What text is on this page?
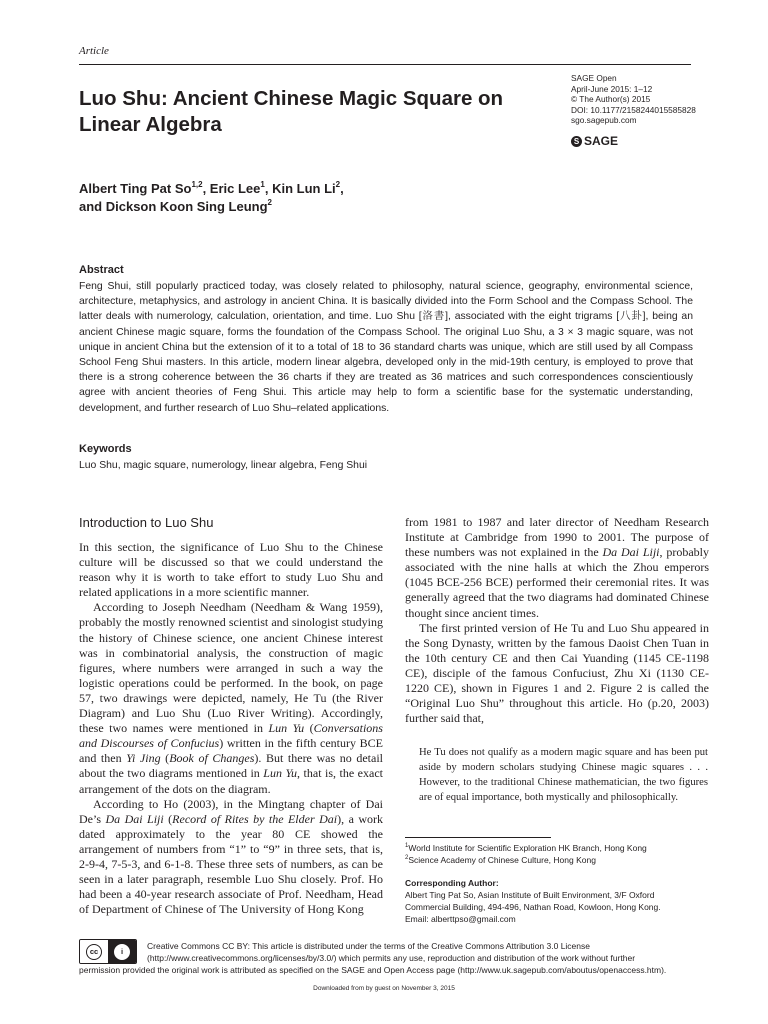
Article
Luo Shu: Ancient Chinese Magic Square on Linear Algebra
SAGE Open
April-June 2015: 1–12
© The Author(s) 2015
DOI: 10.1177/2158244015585828
sgo.sagepub.com
S SAGE
Albert Ting Pat So$^{1,2}$, Eric Lee$^1$, Kin Lun Li$^2$,
and Dickson Koon Sing Leung$^2$
Abstract
Feng Shui, still popularly practiced today, was closely related to philosophy, natural science, geography, environmental science, architecture, metaphysics, and astrology in ancient China. It is basically divided into the Form School and the Compass School. The latter deals with numerology, calculation, orientation, and time. Luo Shu [洛書], associated with the eight trigrams [八卦], being an ancient Chinese magic square, forms the foundation of the Compass School. The original Luo Shu, a 3 × 3 magic square, was not unique in ancient China but the extension of it to a total of 18 to 36 standard charts was unique, which are still used by all Compass School Feng Shui masters. In this article, modern linear algebra, developed only in the mid-19th century, is employed to prove that there is a strong coherence between the 36 charts if they are treated as 36 matrices and such correspondences conscientiously agree with ancient theories of Feng Shui. This article may help to form a scientific base for the systematic understanding, development, and further research of Luo Shu–related applications.
Keywords
Luo Shu, magic square, numerology, linear algebra, Feng Shui
Introduction to Luo Shu

In this section, the significance of Luo Shu to the Chinese culture will be discussed so that we could understand the reason why it is worth to take effort to study Luo Shu and related applications in a more scientific manner.

According to Joseph Needham (Needham & Wang 1959), probably the mostly renowned scientist and sinologist studying the history of Chinese science, one ancient Chinese interest was in combinatorial analysis, the construction of magic figures, where numbers were arranged in such a way the logistic operations could be performed. In the book, on page 57, two drawings were depicted, namely, He Tu (the River Diagram) and Luo Shu (Luo River Writing). Accordingly, these two names were mentioned in Lun Yu (Conversations and Discourses of Confucius) written in the fifth century BCE and then Yi Jing (Book of Changes). But there was no detail about the two diagrams mentioned in Lun Yu, that is, the exact arrangement of the dots on the diagram.

According to Ho (2003), in the Mingtang chapter of Dai De’s Da Dai Liji (Record of Rites by the Elder Dai), a work dated approximately to the year 80 CE showed the arrangement of numbers from “1” to “9” in three sets, that is, 2-9-4, 7-5-3, and 6-1-8. These three sets of numbers, as can be seen in a later paragraph, resemble Luo Shu closely. Prof. Ho had been a 40-year research associate of Prof. Needham, Head of Department of Chinese of The University of Hong Kong

from 1981 to 1987 and later director of Needham Research Institute at Cambridge from 1990 to 2001. The purpose of these numbers was not explained in the Da Dai Liji, probably associated with the nine halls at which the Zhou emperors (1045 BCE-256 BCE) performed their ceremonial rites. It was generally agreed that the two diagrams had dominated Chinese thought since ancient times.

The first printed version of He Tu and Luo Shu appeared in the Song Dynasty, written by the famous Daoist Chen Tuan in the 10th century CE and then Cai Yuanding (1145 CE-1198 CE), disciple of the famous Confuciust, Zhu Xi (1130 CE-1220 CE), shown in Figures 1 and 2. Figure 2 is called the “Original Luo Shu” throughout this article. Ho (p.20, 2003) further said that,

He Tu does not qualify as a modern magic square and has been put aside by modern scholars studying Chinese magic squares . . . However, to the traditional Chinese mathematician, the two figures are of equal importance, both mystically and philosophically.
$^1$World Institute for Scientific Exploration HK Branch, Hong Kong
$^2$Science Academy of Chinese Culture, Hong Kong
Corresponding Author:
Albert Ting Pat So, Asian Institute of Built Environment, 3/F Oxford
Commercial Building, 494-496, Nathan Road, Kowloon, Hong Kong.
Email: alberttpso@gmail.com
cc	i	Creative Commons CC BY: This article is distributed under the terms of the Creative Commons Attribution 3.0 License
(http://www.creativecommons.org/licenses/by/3.0/) which permits any use, reproduction and distribution of the work without further
permission provided the original work is attributed as specified on the SAGE and Open Access page (http://www.uk.sagepub.com/aboutus/openaccess.htm).
Downloaded from by guest on November 3, 2015
